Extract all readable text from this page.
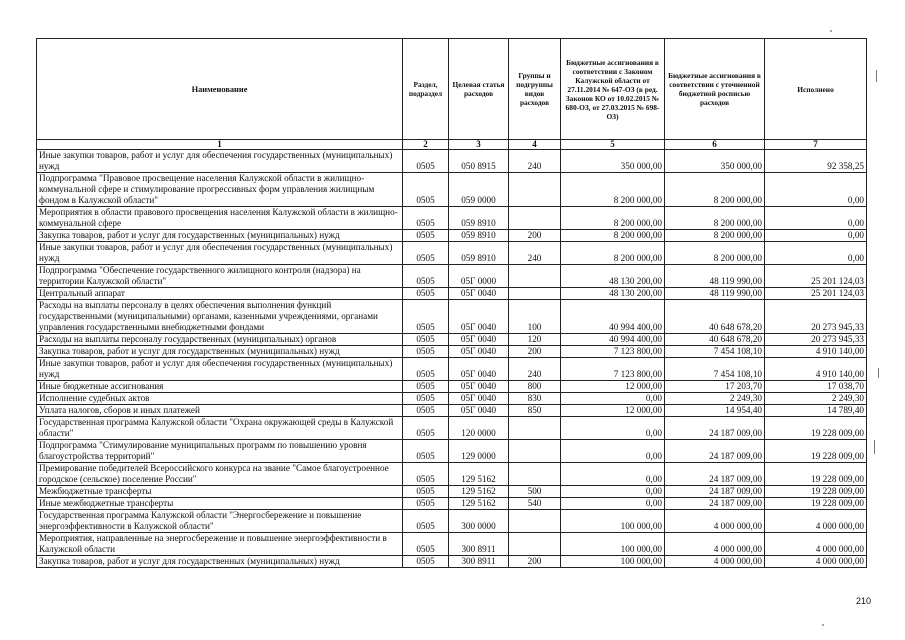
Наименование	Раздел, подраздел	Целевая статья расходов	Группы и подгруппы видов расходов	Бюджетные ассигнования в соответствии с Законом Калужской области от 27.11.2014 № 647-ОЗ (в ред. Законов КО от 10.02.2015 № 680-ОЗ, от 27.03.2015 № 698-ОЗ)	Бюджетные ассигнования в соответствии с уточненной бюджетной росписью расходов	Исполнено
1	2	3	4	5	6	7
Иные закупки товаров, работ и услуг для обеспечения государственных (муниципальных) нужд	0505	050 8915	240	350 000,00	350 000,00	92 358,25
Подпрограмма "Правовое просвещение населения Калужской области в жилищно-коммунальной сфере и стимулирование прогрессивных форм управления жилищным фондом в Калужской области"	0505	059 0000		8 200 000,00	8 200 000,00	0,00
Мероприятия в области правового просвещения населения Калужской области в жилищно-коммунальной сфере	0505	059 8910		8 200 000,00	8 200 000,00	0,00
Закупка товаров, работ и услуг для государственных (муниципальных) нужд	0505	059 8910	200	8 200 000,00	8 200 000,00	0,00
Иные закупки товаров, работ и услуг для обеспечения государственных (муниципальных) нужд	0505	059 8910	240	8 200 000,00	8 200 000,00	0,00
Подпрограмма "Обеспечение государственного жилищного контроля (надзора) на территории Калужской области"	0505	05Г 0000		48 130 200,00	48 119 990,00	25 201 124,03
Центральный аппарат	0505	05Г 0040		48 130 200,00	48 119 990,00	25 201 124,03
Расходы на выплаты персоналу в целях обеспечения выполнения функций государственными (муниципальными) органами, казенными учреждениями, органами управления государственными внебюджетными фондами	0505	05Г 0040	100	40 994 400,00	40 648 678,20	20 273 945,33
Расходы на выплаты персоналу государственных (муниципальных) органов	0505	05Г 0040	120	40 994 400,00	40 648 678,20	20 273 945,33
Закупка товаров, работ и услуг для государственных (муниципальных) нужд	0505	05Г 0040	200	7 123 800,00	7 454 108,10	4 910 140,00
Иные закупки товаров, работ и услуг для обеспечения государственных (муниципальных) нужд	0505	05Г 0040	240	7 123 800,00	7 454 108,10	4 910 140,00
Иные бюджетные ассигнования	0505	05Г 0040	800	12 000,00	17 203,70	17 038,70
Исполнение судебных актов	0505	05Г 0040	830	0,00	2 249,30	2 249,30
Уплата налогов, сборов и иных платежей	0505	05Г 0040	850	12 000,00	14 954,40	14 789,40
Государственная программа Калужской области "Охрана окружающей среды в Калужской области"	0505	120 0000		0,00	24 187 009,00	19 228 009,00
Подпрограмма "Стимулирование муниципальных программ по повышению уровня благоустройства территорий"	0505	129 0000		0,00	24 187 009,00	19 228 009,00
Премирование победителей Всероссийского конкурса на звание "Самое благоустроенное городское (сельское) поселение России"	0505	129 5162		0,00	24 187 009,00	19 228 009,00
Межбюджетные трансферты	0505	129 5162	500	0,00	24 187 009,00	19 228 009,00
Иные межбюджетные трансферты	0505	129 5162	540	0,00	24 187 009,00	19 228 009,00
Государственная программа Калужской области "Энергосбережение и повышение энергоэффективности в Калужской области"	0505	300 0000		100 000,00	4 000 000,00	4 000 000,00
Мероприятия, направленные на энергосбережение и повышение энергоэффективности в Калужской области	0505	300 8911		100 000,00	4 000 000,00	4 000 000,00
Закупка товаров, работ и услуг для государственных (муниципальных) нужд	0505	300 8911	200	100 000,00	4 000 000,00	4 000 000,00
210
